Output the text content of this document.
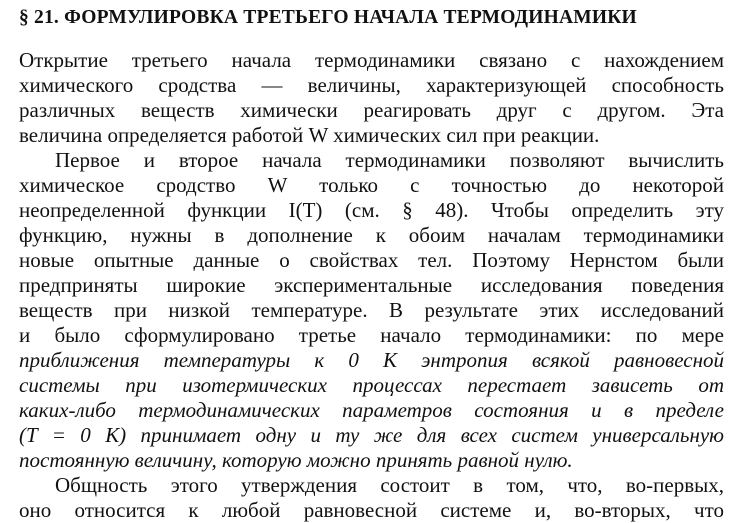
§ 21. ФОРМУЛИРОВКА ТРЕТЬЕГО НАЧАЛА ТЕРМОДИНАМИКИ
Открытие третьего начала термодинамики связано с нахождением
химического сродства — величины, характеризующей способность
различных веществ химически реагировать друг с другом. Эта
величина определяется работой W химических сил при реакции.
Первое и второе начала термодинамики позволяют вычислить
химическое сродство W только с точностью до некоторой
неопределенной функции I(T) (см. § 48). Чтобы определить эту
функцию, нужны в дополнение к обоим началам термодинамики
новые опытные данные о свойствах тел. Поэтому Нернстом были
предприняты широкие экспериментальные исследования поведения
веществ при низкой температуре. В результате этих исследований
и было сформулировано третье начало термодинамики: по мере
приближения температуры к 0 К энтропия всякой равновесной
системы при изотермических процессах перестает зависеть от
каких-либо термодинамических параметров состояния и в пределе
(T = 0 К) принимает одну и ту же для всех систем универсальную
постоянную величину, которую можно принять равной нулю.
Общность этого утверждения состоит в том, что, во-первых,
оно относится к любой равновесной системе и, во-вторых, что
